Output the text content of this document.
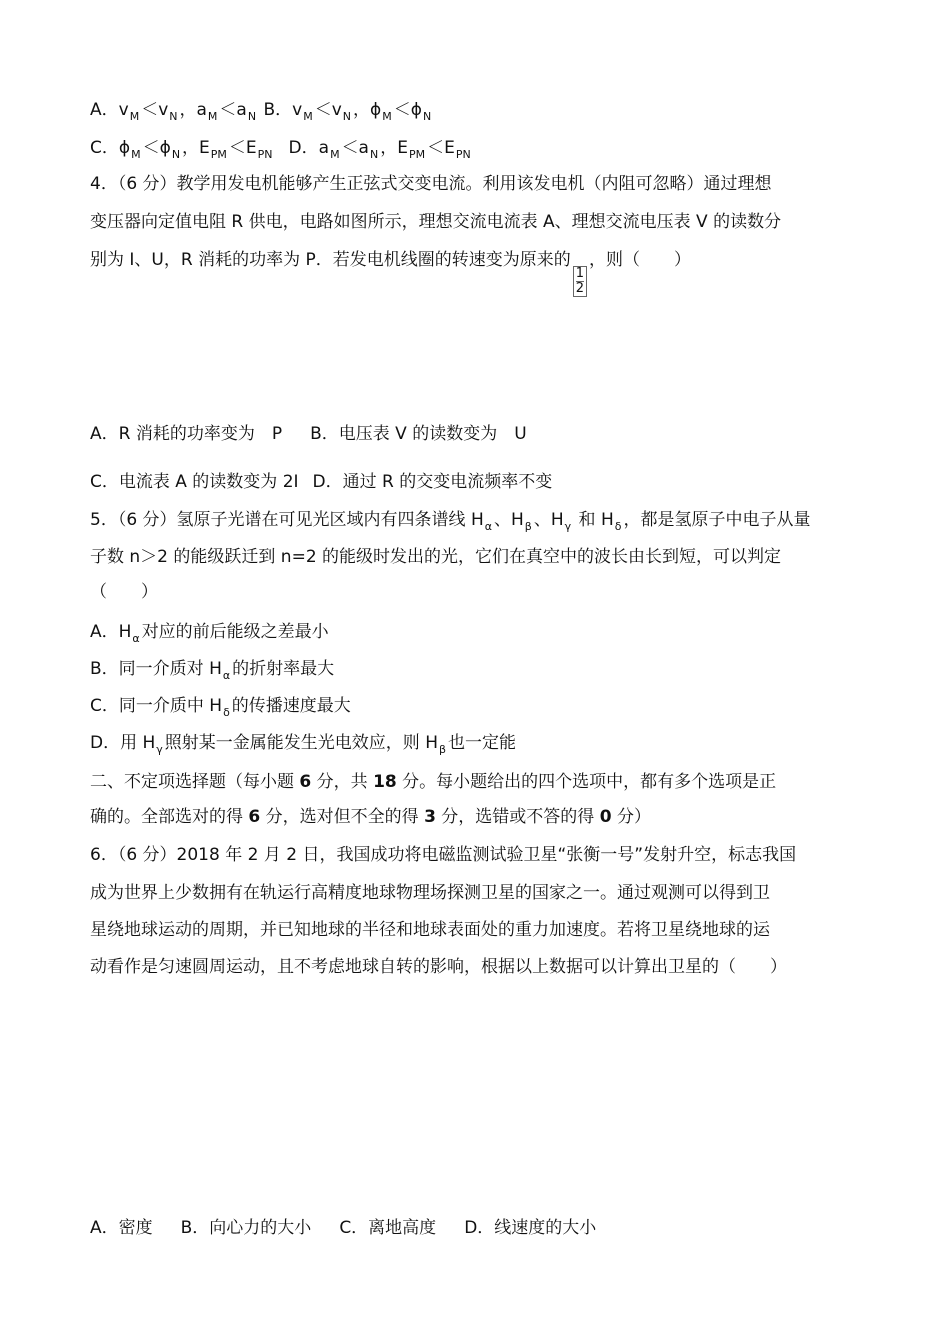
A．$v_M <v_N$ ，$a_M <a_N$ B．$v_M <v_N$ ，$\phi_M <\phi_N$
C．$\phi_M <\phi_N$ ，$E_{PM} <E_{PN}$ D．$a_M <a_N$ ，$E_{PM} <E_{PN}$
4．（6 分）教学用发电机能够产生正弦式交变电流。利用该发电机（内阻可忽略）通过理想
变压器向定值电阻 R 供电，电路如图所示，理想交流电流表 A、理想交流电压表 V 的读数分
别为 I、U，R 消耗的功率为 P．若发电机线圈的转速变为原来的
$\frac{1}{2}$
，则（　　）
A．R 消耗的功率变为　P B．电压表 V 的读数变为　U
C．电流表 A 的读数变为 2I D．通过 R 的交变电流频率不变
5．（6 分）氢原子光谱在可见光区域内有四条谱线 $H_\alpha$ 、$H_\beta$ 、$H_\gamma$ 和 $H_\delta$ ，都是氢原子中电子从量
子数 n＞2 的能级跃迁到 n=2 的能级时发出的光，它们在真空中的波长由长到短，可以判定
（　　）
A．$H_\alpha$ 对应的前后能级之差最小
B．同一介质对 $H_\alpha$ 的折射率最大
C．同一介质中 $H_\delta$ 的传播速度最大
D．用 $H_\gamma$ 照射某一金属能发生光电效应，则 $H_\beta$ 也一定能
二、不定项选择题（每小题 6 分，共 18 分。每小题给出的四个选项中，都有多个选项是正
确的。全部选对的得 6 分，选对但不全的得 3 分，选错或不答的得 0 分）
6．（6 分）2018 年 2 月 2 日，我国成功将电磁监测试验卫星“张衡一号”发射升空，标志我国
成为世界上少数拥有在轨运行高精度地球物理场探测卫星的国家之一。通过观测可以得到卫
星绕地球运动的周期，并已知地球的半径和地球表面处的重力加速度。若将卫星绕地球的运
动看作是匀速圆周运动，且不考虑地球自转的影响，根据以上数据可以计算出卫星的（　　）
A．密度 B．向心力的大小 C．离地高度 D．线速度的大小
